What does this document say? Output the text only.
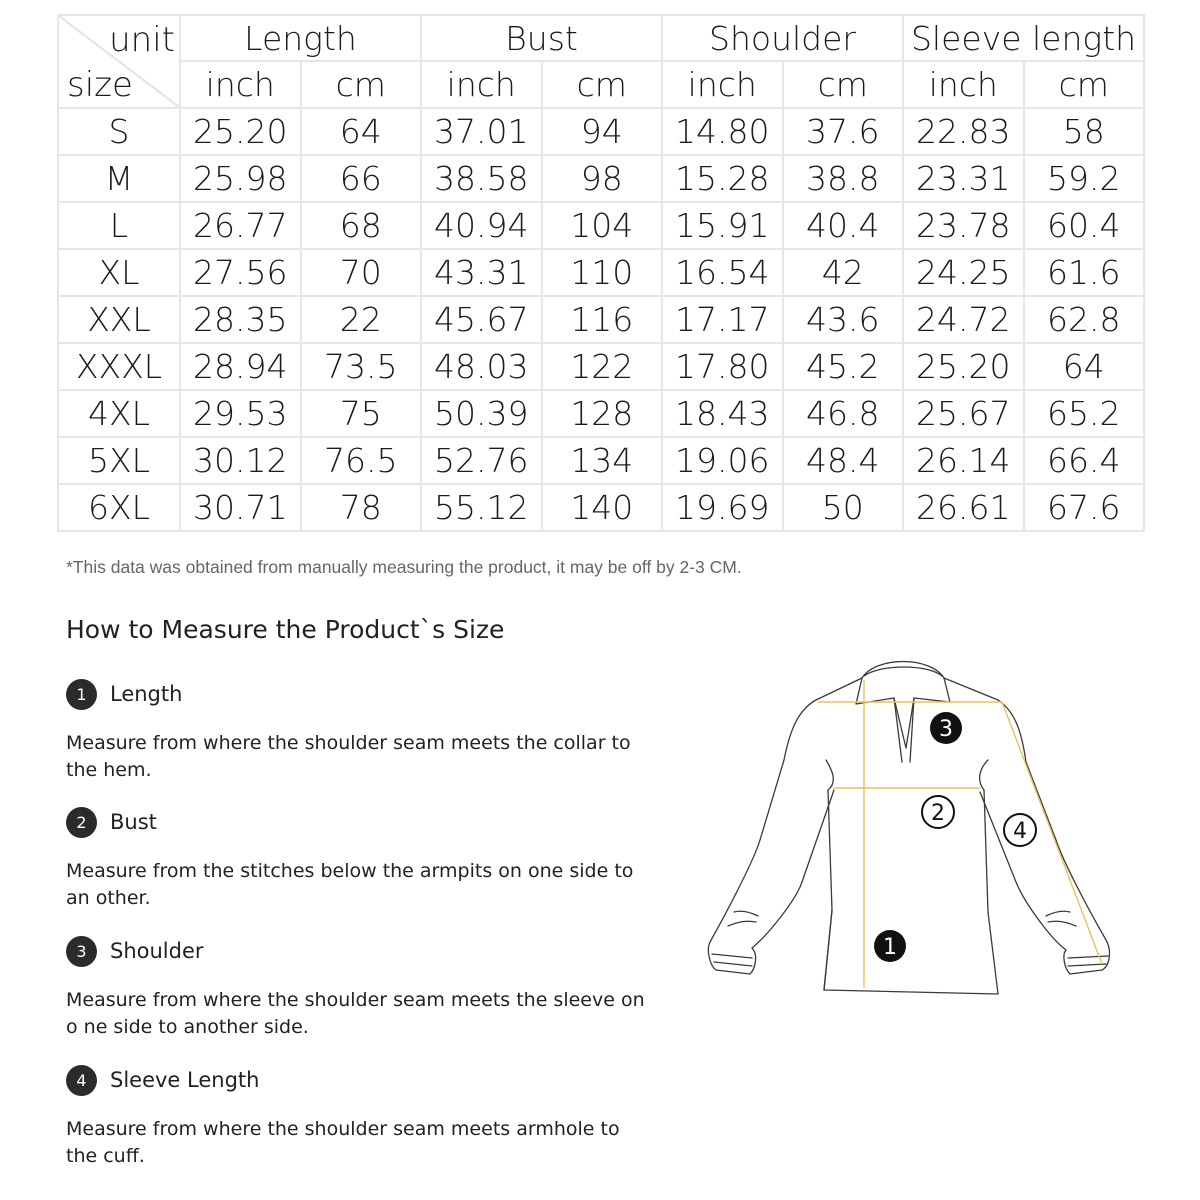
unit
size	Length		Bust		Shoulder		Sleeve length	
	inch	cm	inch	cm	inch	cm	inch	cm
S	25.20	64	37.01	94	14.80	37.6	22.83	58
M	25.98	66	38.58	98	15.28	38.8	23.31	59.2
L	26.77	68	40.94	104	15.91	40.4	23.78	60.4
XL	27.56	70	43.31	110	16.54	42	24.25	61.6
XXL	28.35	22	45.67	116	17.17	43.6	24.72	62.8
XXXL	28.94	73.5	48.03	122	17.80	45.2	25.20	64
4XL	29.53	75	50.39	128	18.43	46.8	25.67	65.2
5XL	30.12	76.5	52.76	134	19.06	48.4	26.14	66.4
6XL	30.71	78	55.12	140	19.69	50	26.61	67.6
*This data was obtained from manually measuring the product, it may be off by 2-3 CM.
How to Measure the Product`s Size
1	Length
Measure from where the shoulder seam meets the collar to the hem.
2	Bust
Measure from the stitches below the armpits on one side to an other.
3	Shoulder
Measure from where the shoulder seam meets the sleeve on o ne side to another side.
4	Sleeve Length
Measure from where the shoulder seam meets armhole to the cuff.
1
2
3
4
